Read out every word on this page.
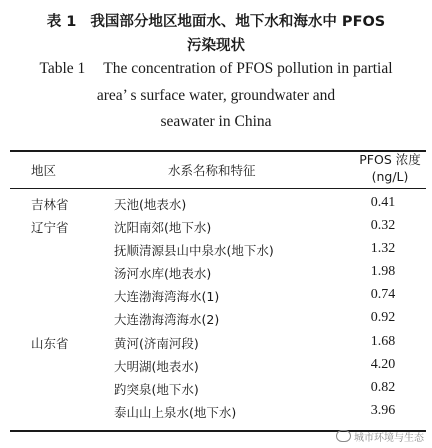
表 1 我国部分地区地面水、地下水和海水中 PFOS
污染现状
Table 1 The concentration of PFOS pollution in partial
area’ s surface water, groundwater and
seawater in China
地区	水系名称和特征
PFOS 浓度
(ng/L)
吉林省	天池(地表水)	0.41
辽宁省	沈阳南郊(地下水)	0.32
抚顺清源县山中泉水(地下水)	1.32
汤河水库(地表水)	1.98
大连渤海湾海水(1)	0.74
大连渤海湾海水(2)	0.92
山东省	黄河(济南河段)	1.68
大明湖(地表水)	4.20
趵突泉(地下水)	0.82
泰山山上泉水(地下水)	3.96
城市环境与生态
